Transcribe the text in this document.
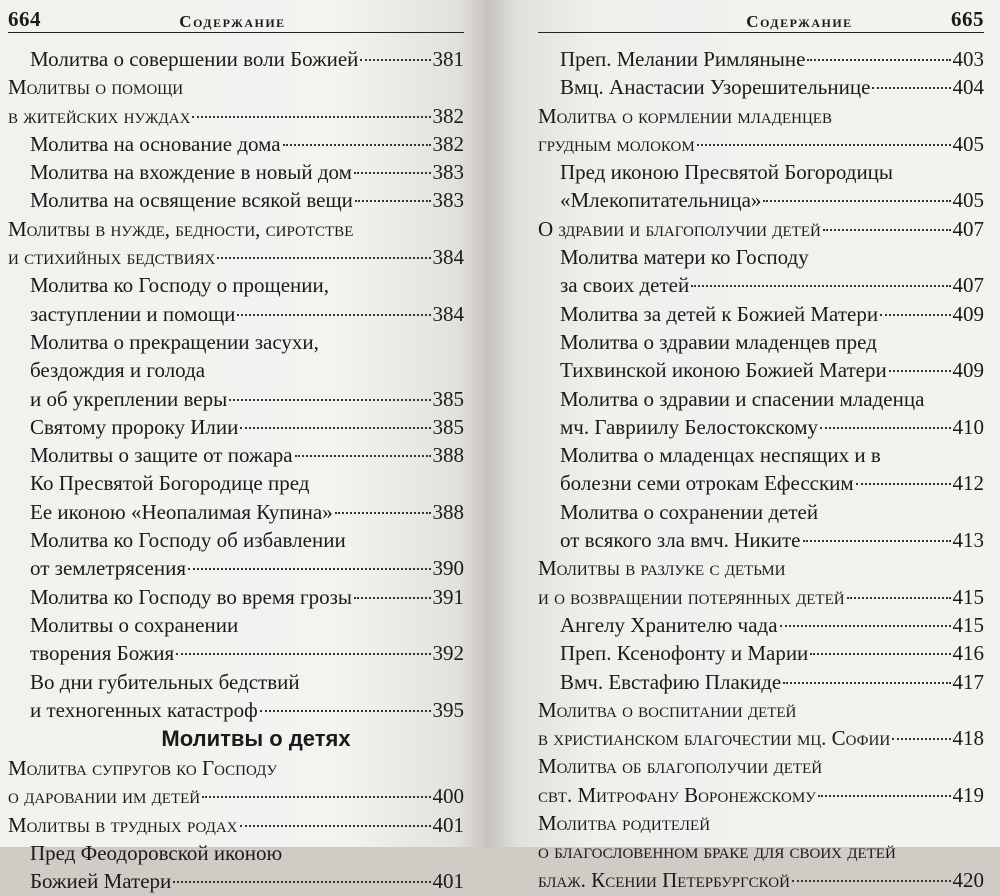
664	Содержание
Молитва о совершении воли Божией	381
Молитвы о помощи
в житейских нуждах	382
Молитва на основание дома	382
Молитва на вхождение в новый дом	383
Молитва на освящение всякой вещи	383
Молитвы в нужде, бедности, сиротстве
и стихийных бедствиях	384
Молитва ко Господу о прощении,
заступлении и помощи	384
Молитва о прекращении засухи,
бездождия и голода
и об укреплении веры	385
Святому пророку Илии	385
Молитвы о защите от пожара	388
Ко Пресвятой Богородице пред
Ее иконою «Неопалимая Купина»	388
Молитва ко Господу об избавлении
от землетрясения	390
Молитва ко Господу во время грозы	391
Молитвы о сохранении
творения Божия	392
Во дни губительных бедствий
и техногенных катастроф	395
Молитвы о детях
Молитва супругов ко Господу
о даровании им детей	400
Молитвы в трудных родах	401
Пред Феодоровской иконою
Божией Матери	401
Содержание	665
Преп. Мелании Римляныне	403
Вмц. Анастасии Узорешительнице	404
Молитва о кормлении младенцев
грудным молоком	405
Пред иконою Пресвятой Богородицы
«Млекопитательница»	405
О здравии и благополучии детей	407
Молитва матери ко Господу
за своих детей	407
Молитва за детей к Божией Матери	409
Молитва о здравии младенцев пред
Тихвинской иконою Божией Матери	409
Молитва о здравии и спасении младенца
мч. Гавриилу Белостокскому	410
Молитва о младенцах неспящих и в
болезни семи отрокам Ефесским	412
Молитва о сохранении детей
от всякого зла вмч. Никите	413
Молитвы в разлуке с детьми
и о возвращении потерянных детей	415
Ангелу Хранителю чада	415
Преп. Ксенофонту и Марии	416
Вмч. Евстафию Плакиде	417
Молитва о воспитании детей
в христианском благочестии мц. Софии	418
Молитва об благополучии детей
свт. Митрофану Воронежскому	419
Молитва родителей
о благословенном браке для своих детей
блаж. Ксении Петербургской	420
